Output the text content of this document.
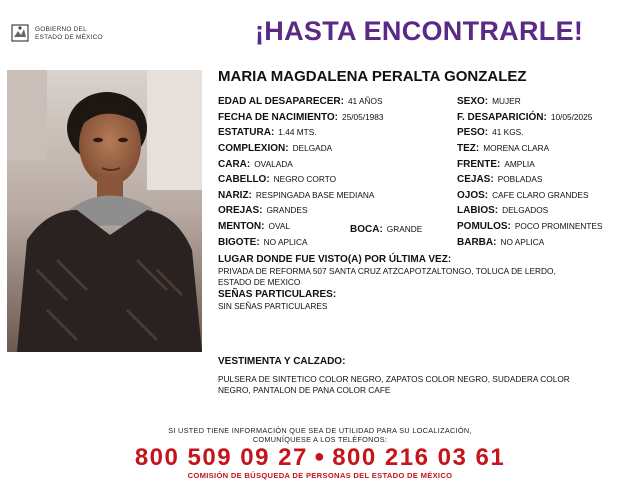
GOBIERNO DEL
ESTADO DE MÉXICO	¡HASTA ENCONTRARLE!
MARIA MAGDALENA PERALTA GONZALEZ
EDAD AL DESAPARECER: 41 AÑOS
FECHA DE NACIMIENTO: 25/05/1983
ESTATURA: 1.44 MTS.
COMPLEXION: DELGADA
CARA: OVALADA
CABELLO: NEGRO CORTO
NARIZ: RESPINGADA BASE MEDIANA
OREJAS: GRANDES
MENTON: OVAL	BOCA: GRANDE
BIGOTE: NO APLICA
SEXO: MUJER
F. DESAPARICIÓN: 10/05/2025
PESO: 41 KGS.
TEZ: MORENA CLARA
FRENTE: AMPLIA
CEJAS: POBLADAS
OJOS: CAFE CLARO GRANDES
LABIOS: DELGADOS
POMULOS: POCO PROMINENTES
BARBA: NO APLICA
LUGAR DONDE FUE VISTO(A) POR ÚLTIMA VEZ:
PRIVADA DE REFORMA 507 SANTA CRUZ ATZCAPOTZALTONGO, TOLUCA DE LERDO,
ESTADO DE MEXICO
SEÑAS PARTICULARES:
SIN SEÑAS PARTICULARES
VESTIMENTA Y CALZADO:
PULSERA DE SINTETICO COLOR NEGRO, ZAPATOS COLOR NEGRO, SUDADERA COLOR
NEGRO, PANTALON DE PANA COLOR CAFE
SI USTED TIENE INFORMACIÓN QUE SEA DE UTILIDAD PARA SU LOCALIZACIÓN,
COMUNÍQUESE A LOS TELÉFONOS:
800 509 09 27 ● 800 216 03 61
COMISIÓN DE BÚSQUEDA DE PERSONAS DEL ESTADO DE MÉXICO
